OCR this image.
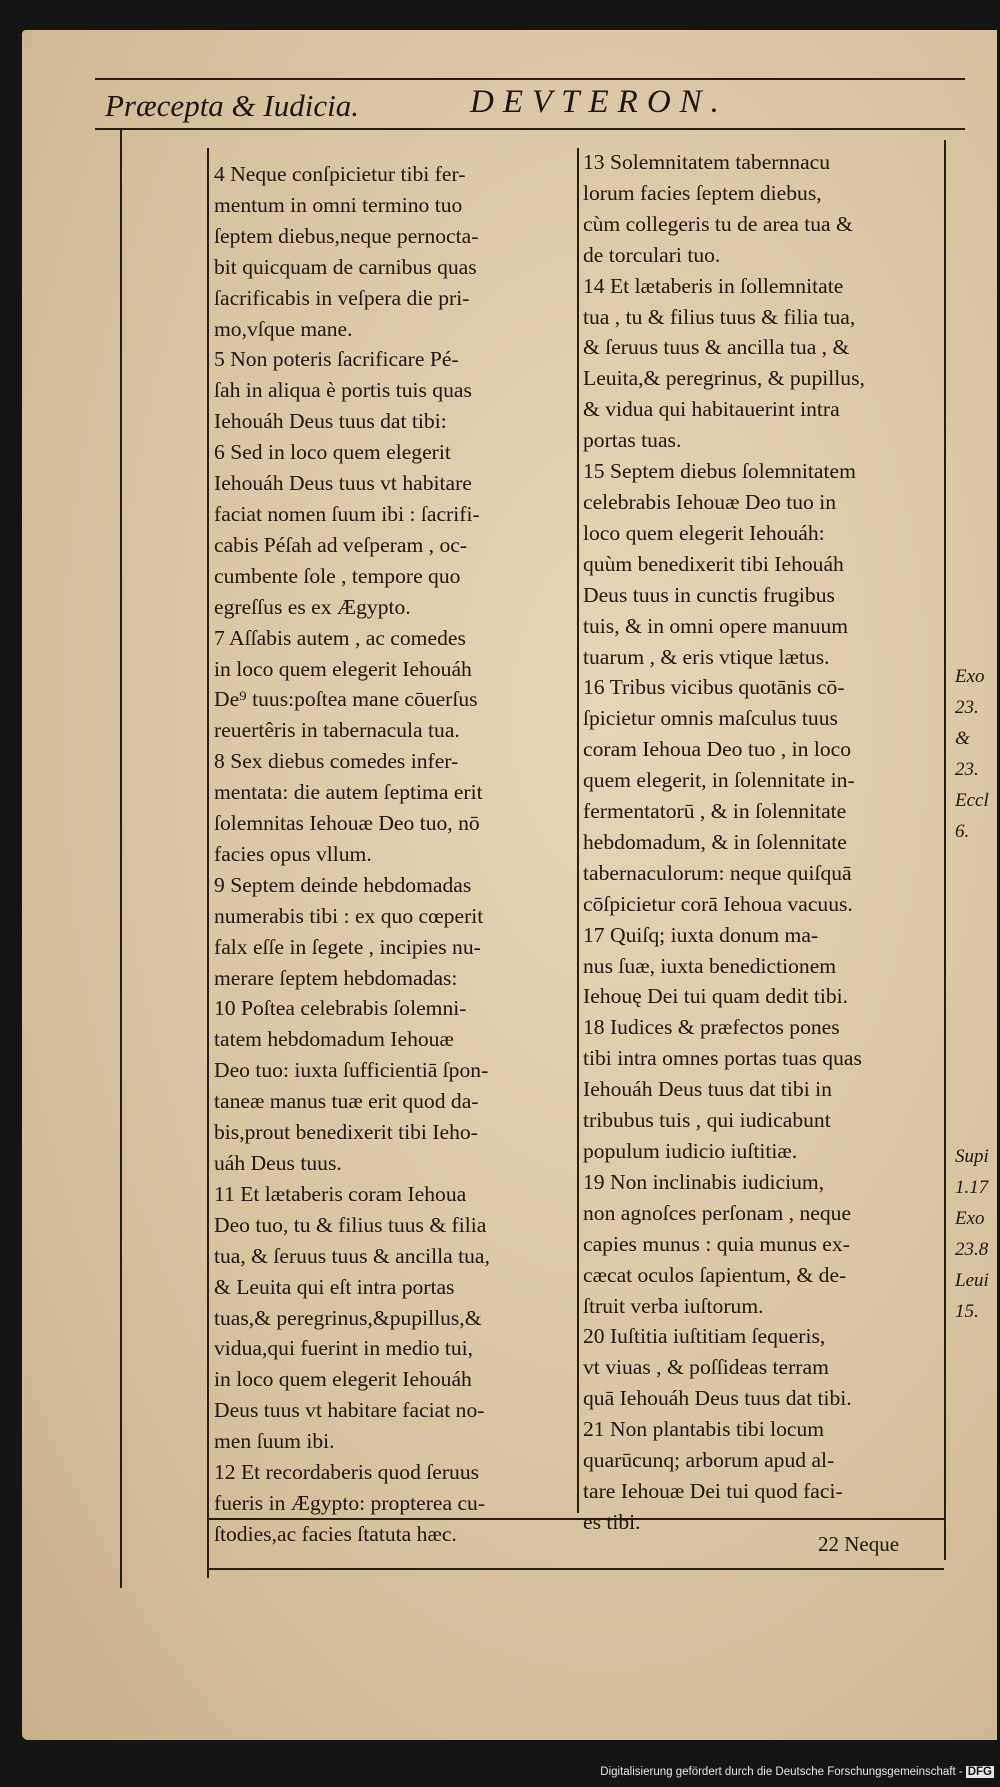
Præcepta & Iudicia.	DEVTERON.
4 Neque conſpicietur tibi fer-
mentum in omni termino tuo
ſeptem diebus,neque pernocta-
bit quicquam de carnibus quas
ſacrificabis in veſpera die pri-
mo,vſque mane.
5 Non poteris ſacrificare Pé-
ſah in aliqua è portis tuis quas
Iehouáh Deus tuus dat tibi:
6 Sed in loco quem elegerit
Iehouáh Deus tuus vt habitare
faciat nomen ſuum ibi : ſacrifi-
cabis Péſah ad veſperam , oc-
cumbente ſole , tempore quo
egreſſus es ex Ægypto.
7 Aſſabis autem , ac comedes
in loco quem elegerit Iehouáh
De⁹ tuus:poſtea mane cōuerſus
reuertêris in tabernacula tua.
8 Sex diebus comedes infer-
mentata: die autem ſeptima erit
ſolemnitas Iehouæ Deo tuo, nō
facies opus vllum.
9 Septem deinde hebdomadas
numerabis tibi : ex quo cœperit
falx eſſe in ſegete , incipies nu-
merare ſeptem hebdomadas:
10 Poſtea celebrabis ſolemni-
tatem hebdomadum Iehouæ
Deo tuo: iuxta ſufficientiā ſpon-
taneæ manus tuæ erit quod da-
bis,prout benedixerit tibi Ieho-
uáh Deus tuus.
11 Et lætaberis coram Iehoua
Deo tuo, tu & filius tuus & filia
tua, & ſeruus tuus & ancilla tua,
& Leuita qui eſt intra portas
tuas,& peregrinus,&pupillus,&
vidua,qui fuerint in medio tui,
in loco quem elegerit Iehouáh
Deus tuus vt habitare faciat no-
men ſuum ibi.
12 Et recordaberis quod ſeruus
fueris in Ægypto: propterea cu-
ſtodies,ac facies ſtatuta hæc.
13 Solemnitatem tabernnacu
lorum facies ſeptem diebus,
cùm collegeris tu de area tua &
de torculari tuo.
14 Et lætaberis in ſollemnitate
tua , tu & filius tuus & filia tua,
& ſeruus tuus & ancilla tua , &
Leuita,& peregrinus, & pupillus,
& vidua qui habitauerint intra
portas tuas.
15 Septem diebus ſolemnitatem
celebrabis Iehouæ Deo tuo in
loco quem elegerit Iehouáh:
quùm benedixerit tibi Iehouáh
Deus tuus in cunctis frugibus
tuis, & in omni opere manuum
tuarum , & eris vtique lætus.
16 Tribus vicibus quotānis cō-
ſpicietur omnis maſculus tuus
coram Iehoua Deo tuo , in loco
quem elegerit, in ſolennitate in-
fermentatorū , & in ſolennitate
hebdomadum, & in ſolennitate
tabernaculorum: neque quiſquā
cōſpicietur corā Iehoua vacuus.
17 Quiſq; iuxta donum ma-
nus ſuæ, iuxta benedictionem
Iehouę Dei tui quam dedit tibi.
18 Iudices & præfectos pones
tibi intra omnes portas tuas quas
Iehouáh Deus tuus dat tibi in
tribubus tuis , qui iudicabunt
populum iudicio iuſtitiæ.
19 Non inclinabis iudicium,
non agnoſces perſonam , neque
capies munus : quia munus ex-
cæcat oculos ſapientum, & de-
ſtruit verba iuſtorum.
20 Iuſtitia iuſtitiam ſequeris,
vt viuas , & poſſideas terram
quā Iehouáh Deus tuus dat tibi.
21 Non plantabis tibi locum
quarūcunq; arborum apud al-
tare Iehouæ Dei tui quod faci-
es tibi.
Exo
23.
&
23.
Eccl
6.
Supi
1.17
Exo
23.8
Leui
15.
22 Neque
Digitalisierung gefördert durch die Deutsche Forschungsgemeinschaft - DFG
